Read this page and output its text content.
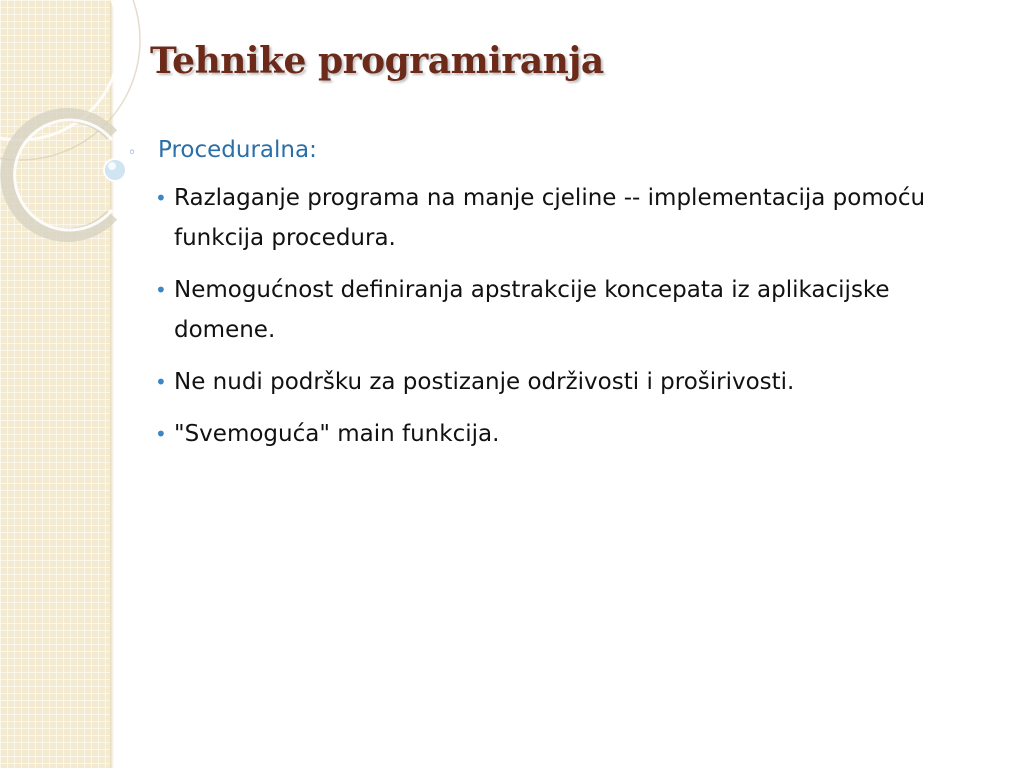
Tehnike programiranja
◦ Proceduralna:
• Razlaganje programa na manje cjeline -- implementacija pomoću funkcija procedura.
• Nemogućnost definiranja apstrakcije koncepata iz aplikacijske domene.
• Ne nudi podršku za postizanje održivosti i proširivosti.
• "Svemoguća" main funkcija.
